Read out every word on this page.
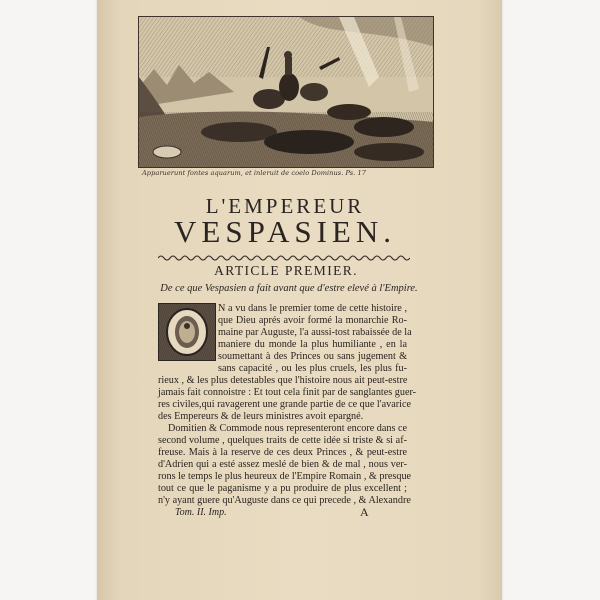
Apparuerunt fontes aquarum, et inleruit de coelo Dominus. Ps. 17
L'EMPEREUR
VESPASIEN.
ARTICLE PREMIER.
De ce que Vespasien a fait avant que d'estre elevé à l'Empire.
N a vu dans le premier tome de cette histoire ,
que Dieu aprés avoir formé la monarchie Ro-
maine par Auguste, l'a aussi-tost rabaissée de la
maniere du monde la plus humiliante , en la
soumettant à des Princes ou sans jugement &
sans capacité , ou les plus cruels, les plus fu-
rieux , & les plus detestables que l'histoire nous ait peut-estre
jamais fait connoistre : Et tout cela finit par de sanglantes guer-
res civiles,qui ravagerent une grande partie de ce que l'avarice
des Empereurs & de leurs ministres avoit epargné.
Domitien & Commode nous representeront encore dans ce
second volume , quelques traits de cette idée si triste & si af-
freuse. Mais à la reserve de ces deux Princes , & peut-estre
d'Adrien qui a esté assez meslé de bien & de mal , nous ver-
rons le temps le plus heureux de l'Empire Romain , & presque
tout ce que le paganisme y a pu produire de plus excellent ;
n'y ayant guere qu'Auguste dans ce qui precede , & Alexandre
Tom. II. Imp.	A
